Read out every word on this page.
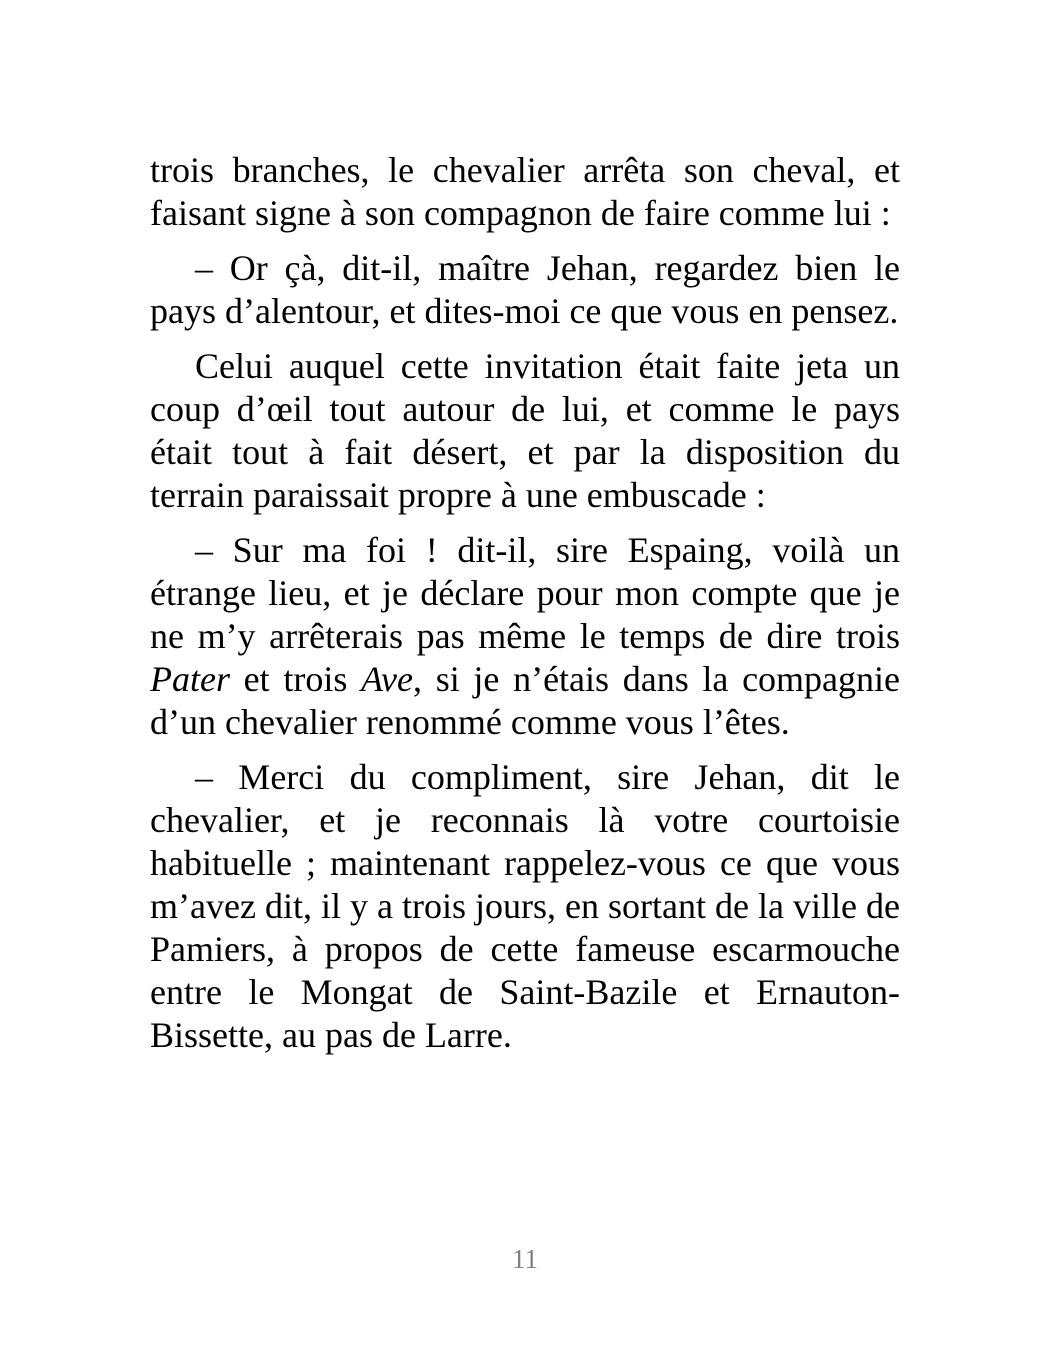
trois branches, le chevalier arrêta son cheval, et faisant signe à son compagnon de faire comme lui :

– Or çà, dit-il, maître Jehan, regardez bien le pays d’alentour, et dites-moi ce que vous en pensez.

Celui auquel cette invitation était faite jeta un coup d’œil tout autour de lui, et comme le pays était tout à fait désert, et par la disposition du terrain paraissait propre à une embuscade :

– Sur ma foi ! dit-il, sire Espaing, voilà un étrange lieu, et je déclare pour mon compte que je ne m’y arrêterais pas même le temps de dire trois Pater et trois Ave, si je n’étais dans la compagnie d’un chevalier renommé comme vous l’êtes.

– Merci du compliment, sire Jehan, dit le chevalier, et je reconnais là votre courtoisie habituelle ; maintenant rappelez-vous ce que vous m’avez dit, il y a trois jours, en sortant de la ville de Pamiers, à propos de cette fameuse escarmouche entre le Mongat de Saint-Bazile et Ernauton-Bissette, au pas de Larre.

11
